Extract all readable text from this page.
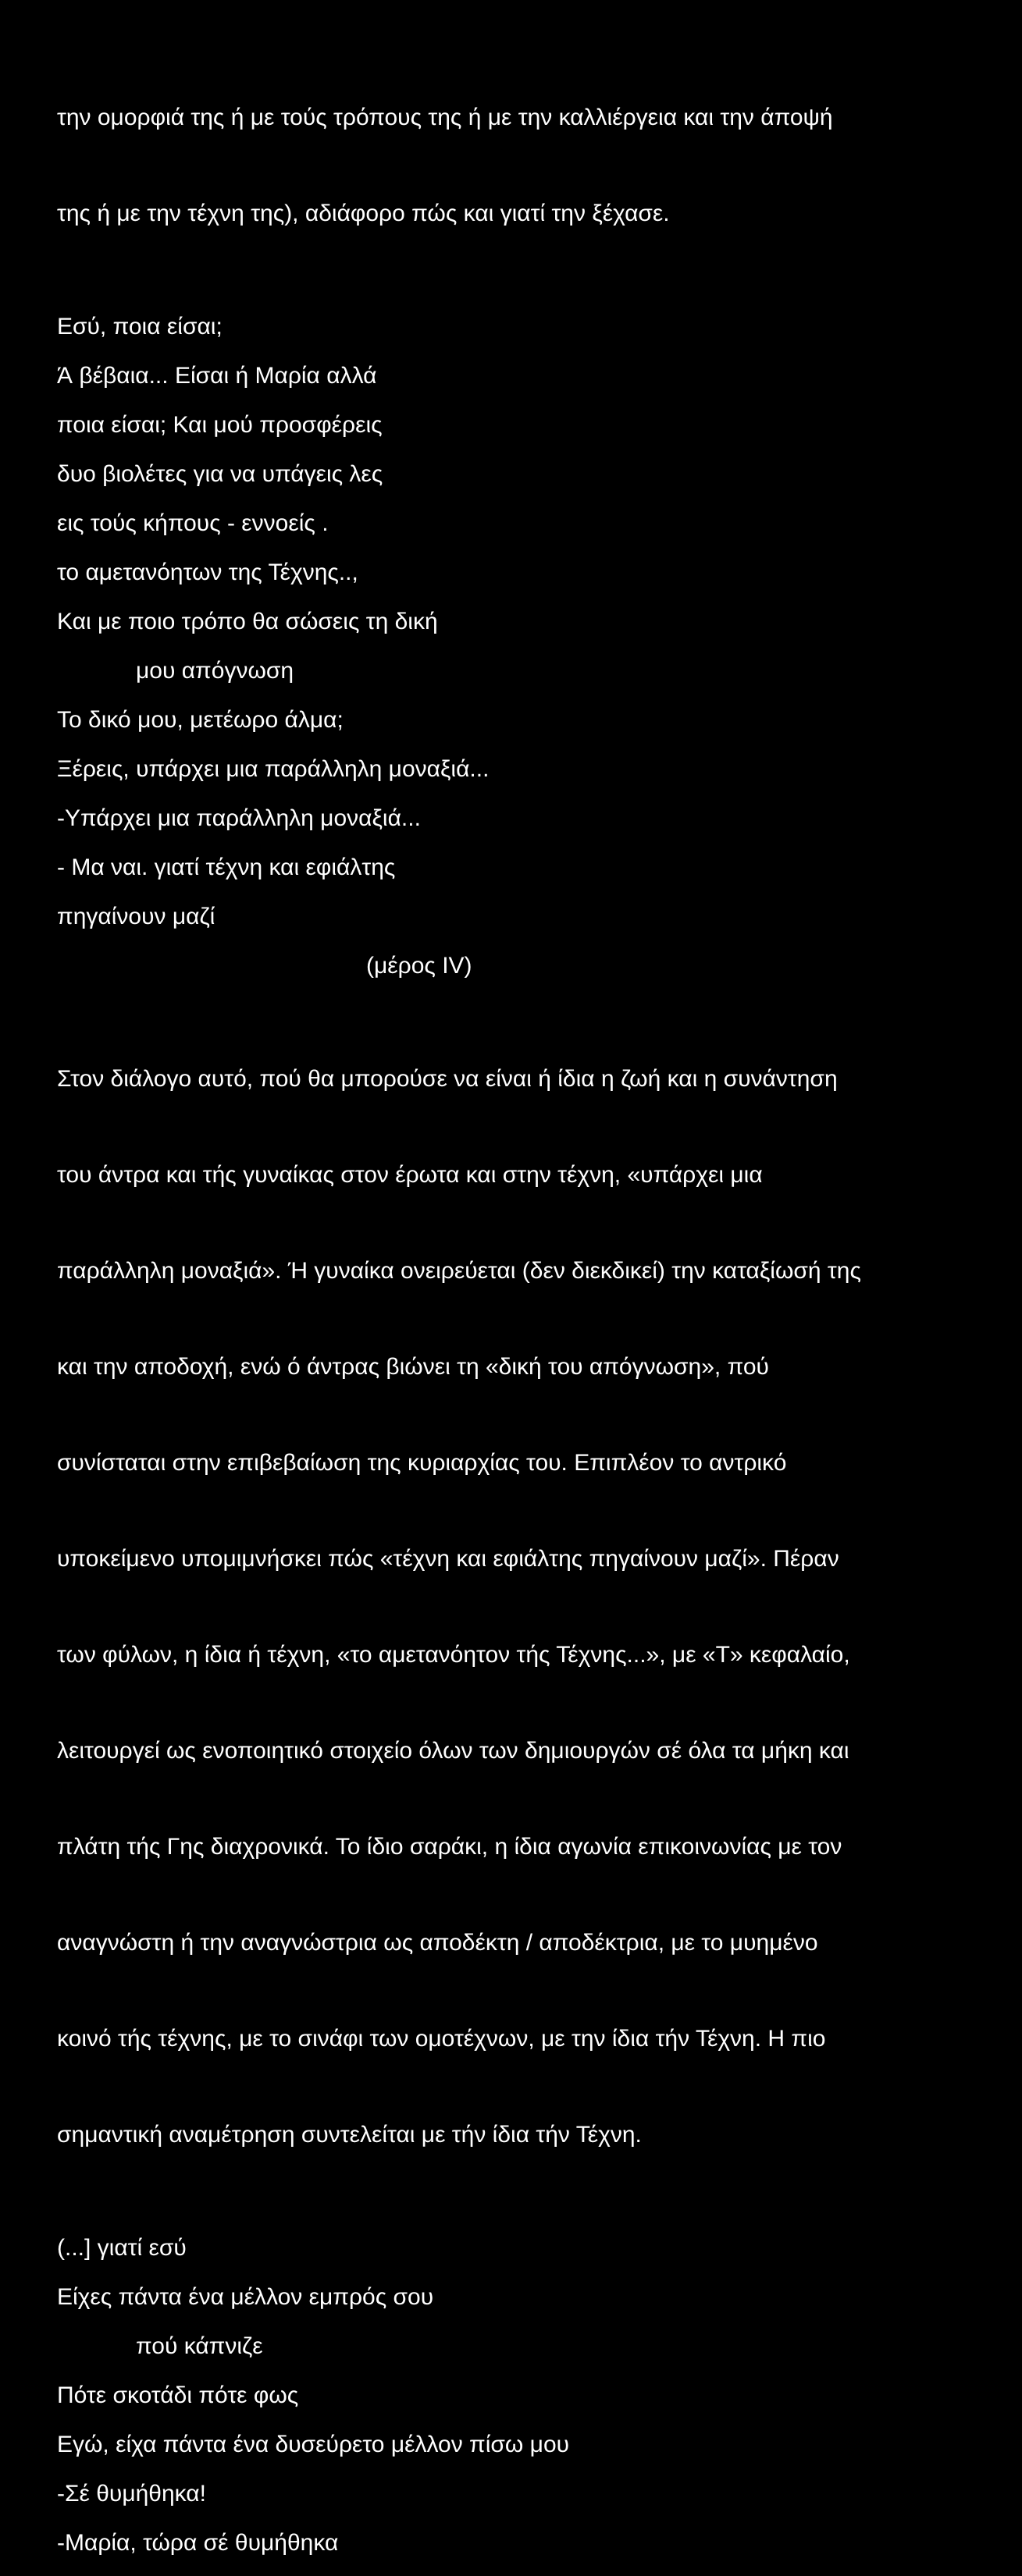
την ομορφιά της ή με τούς τρόπους της ή με την καλλιέργεια και την άποψή

της ή με την τέχνη της), αδιάφορο πώς και γιατί την ξέχασε.

Εσύ, ποια είσαι;
Ά βέβαια... Είσαι ή Μαρία αλλά
ποια είσαι; Και μού προσφέρεις
δυο βιολέτες για να υπάγεις λες
εις τούς κήπους - εννοείς .
το αμετανόητων της Τέχνης..,
Και με ποιο τρόπο θα σώσεις τη δική
μου απόγνωση
Το δικό μου, μετέωρο άλμα;
Ξέρεις, υπάρχει μια παράλληλη μοναξιά...
-Υπάρχει μια παράλληλη μοναξιά...
- Μα ναι. γιατί τέχνη και εφιάλτης
πηγαίνουν μαζί
(μέρος IV)

Στον διάλογο αυτό, πού θα μπορούσε να είναι ή ίδια η ζωή και η συνάντηση

του άντρα και τής γυναίκας στον έρωτα και στην τέχνη, «υπάρχει μια

παράλληλη μοναξιά». Ή γυναίκα ονειρεύεται (δεν διεκδικεί) την καταξίωσή της

και την αποδοχή, ενώ ό άντρας βιώνει τη «δική του απόγνωση», πού

συνίσταται στην επιβεβαίωση της κυριαρχίας του. Επιπλέον το αντρικό

υποκείμενο υπομιμνήσκει πώς «τέχνη και εφιάλτης πηγαίνουν μαζί». Πέραν

των φύλων, η ίδια ή τέχνη, «το αμετανόητον τής Τέχνης...», με «Τ» κεφαλαίο,

λειτουργεί ως ενοποιητικό στοιχείο όλων των δημιουργών σέ όλα τα μήκη και

πλάτη τής Γης διαχρονικά. Το ίδιο σαράκι, η ίδια αγωνία επικοινωνίας με τον

αναγνώστη ή την αναγνώστρια ως αποδέκτη / αποδέκτρια, με το μυημένο

κοινό τής τέχνης, με το σινάφι των ομοτέχνων, με την ίδια τήν Τέχνη. Η πιο

σημαντική αναμέτρηση συντελείται με τήν ίδια τήν Τέχνη.

(...] γιατί εσύ
Είχες πάντα ένα μέλλον εμπρός σου
πού κάπνιζε
Πότε σκοτάδι πότε φως
Εγώ, είχα πάντα ένα δυσεύρετο μέλλον πίσω μου
-Σέ θυμήθηκα!
-Μαρία, τώρα σέ θυμήθηκα
